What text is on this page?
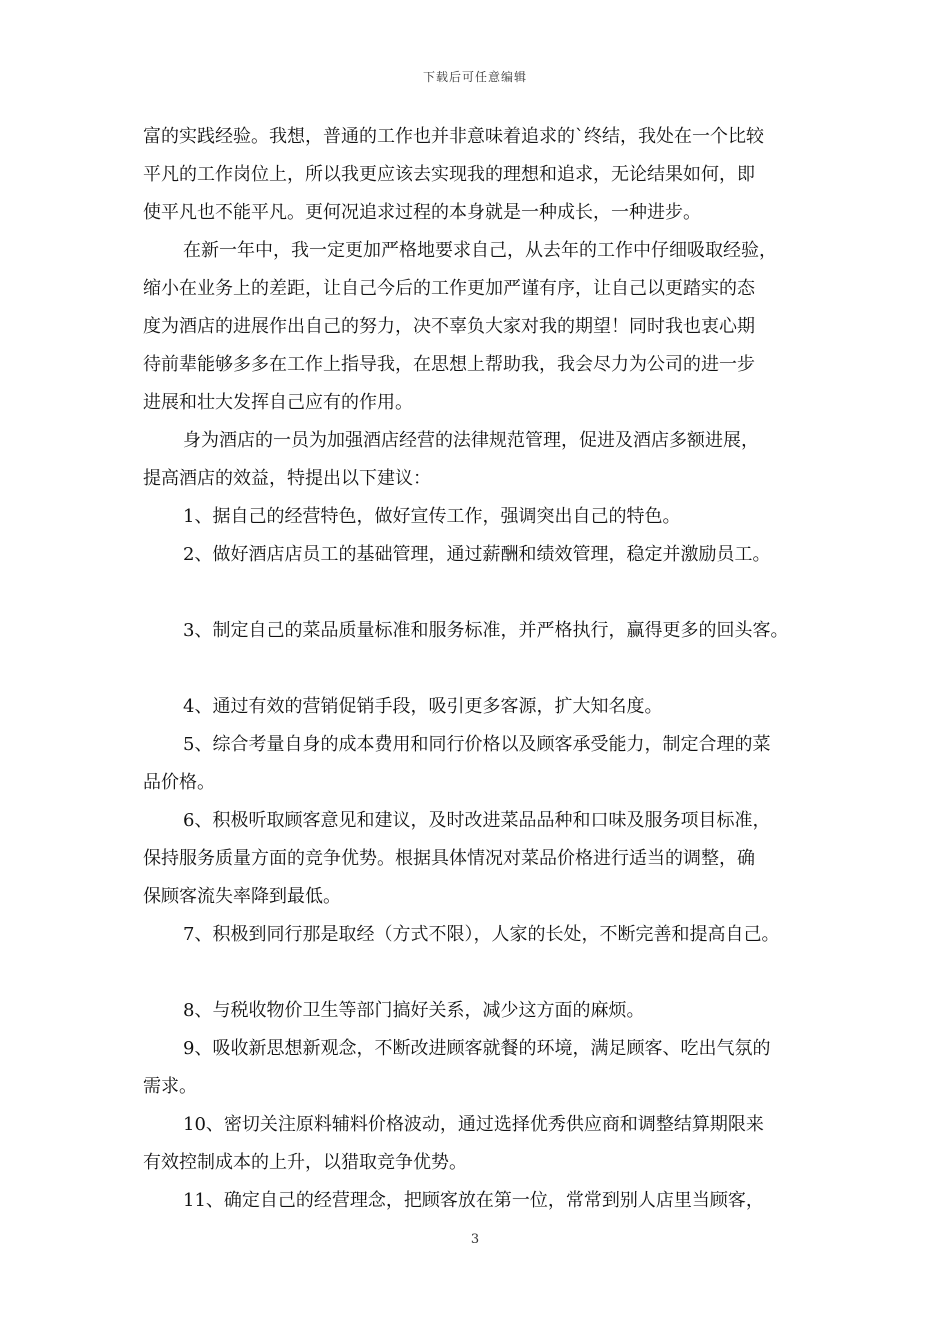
下载后可任意编辑
富的实践经验。我想，普通的工作也并非意味着追求的`终结，我处在一个比较
平凡的工作岗位上，所以我更应该去实现我的理想和追求，无论结果如何，即
使平凡也不能平凡。更何况追求过程的本身就是一种成长，一种进步。
在新一年中，我一定更加严格地要求自己，从去年的工作中仔细吸取经验，
缩小在业务上的差距，让自己今后的工作更加严谨有序，让自己以更踏实的态
度为酒店的进展作出自己的努力，决不辜负大家对我的期望！同时我也衷心期
待前辈能够多多在工作上指导我，在思想上帮助我，我会尽力为公司的进一步
进展和壮大发挥自己应有的作用。
身为酒店的一员为加强酒店经营的法律规范管理，促进及酒店多额进展，
提高酒店的效益，特提出以下建议：
1、据自己的经营特色，做好宣传工作，强调突出自己的特色。
2、做好酒店店员工的基础管理，通过薪酬和绩效管理，稳定并激励员工。
3、制定自己的菜品质量标准和服务标准，并严格执行，赢得更多的回头客。
4、通过有效的营销促销手段，吸引更多客源，扩大知名度。
5、综合考量自身的成本费用和同行价格以及顾客承受能力，制定合理的菜
品价格。
6、积极听取顾客意见和建议，及时改进菜品品种和口味及服务项目标准，
保持服务质量方面的竞争优势。根据具体情况对菜品价格进行适当的调整，确
保顾客流失率降到最低。
7、积极到同行那是取经（方式不限），人家的长处，不断完善和提高自己。
8、与税收物价卫生等部门搞好关系，减少这方面的麻烦。
9、吸收新思想新观念，不断改进顾客就餐的环境，满足顾客、吃出气氛的
需求。
10、密切关注原料辅料价格波动，通过选择优秀供应商和调整结算期限来
有效控制成本的上升，以猎取竞争优势。
11、确定自己的经营理念，把顾客放在第一位，常常到别人店里当顾客，
3
